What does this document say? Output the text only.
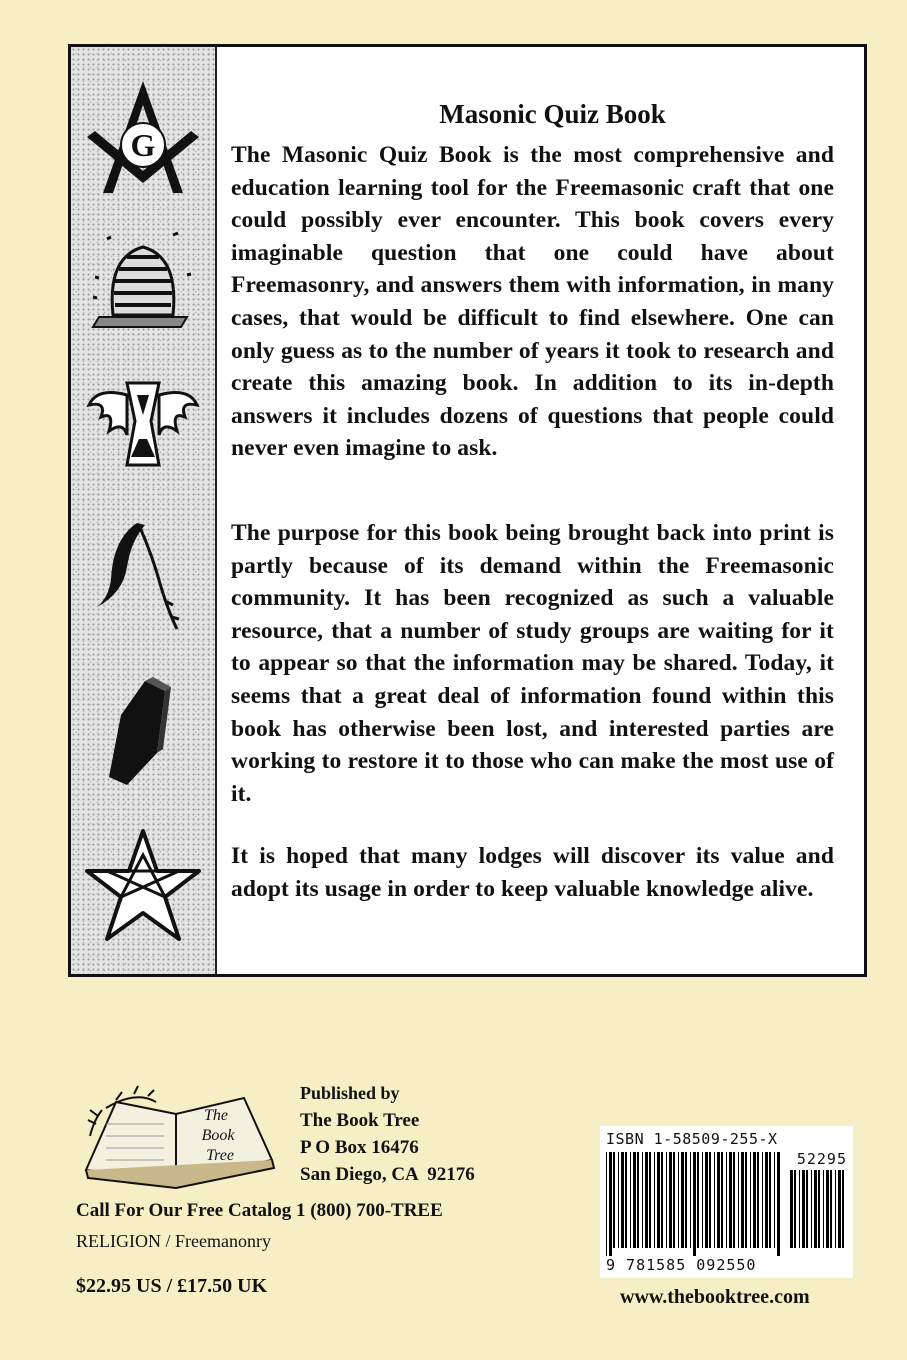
G
Masonic Quiz Book

The Masonic Quiz Book is the most comprehensive and education learning tool for the Freemasonic craft that one could possibly ever encounter. This book covers every imaginable question that one could have about Freemasonry, and answers them with information, in many cases, that would be difficult to find elsewhere. One can only guess as to the number of years it took to research and create this amazing book. In addition to its in-depth answers it includes dozens of questions that people could never even imagine to ask.

The purpose for this book being brought back into print is partly because of its demand within the Freemasonic community. It has been recognized as such a valuable resource, that a number of study groups are waiting for it to appear so that the information may be shared. Today, it seems that a great deal of information found within this book has otherwise been lost, and interested parties are working to restore it to those who can make the most use of it.

It is hoped that many lodges will discover its value and adopt its usage in order to keep valuable knowledge alive.

The
Book
Tree
Published by
The Book Tree
P O Box 16476
San Diego, CA  92176
Call For Our Free Catalog 1 (800) 700-TREE
RELIGION / Freemanonry
$22.95 US / £17.50 UK
ISBN 1-58509-255-X
52295
9 781585 092550
www.thebooktree.com
